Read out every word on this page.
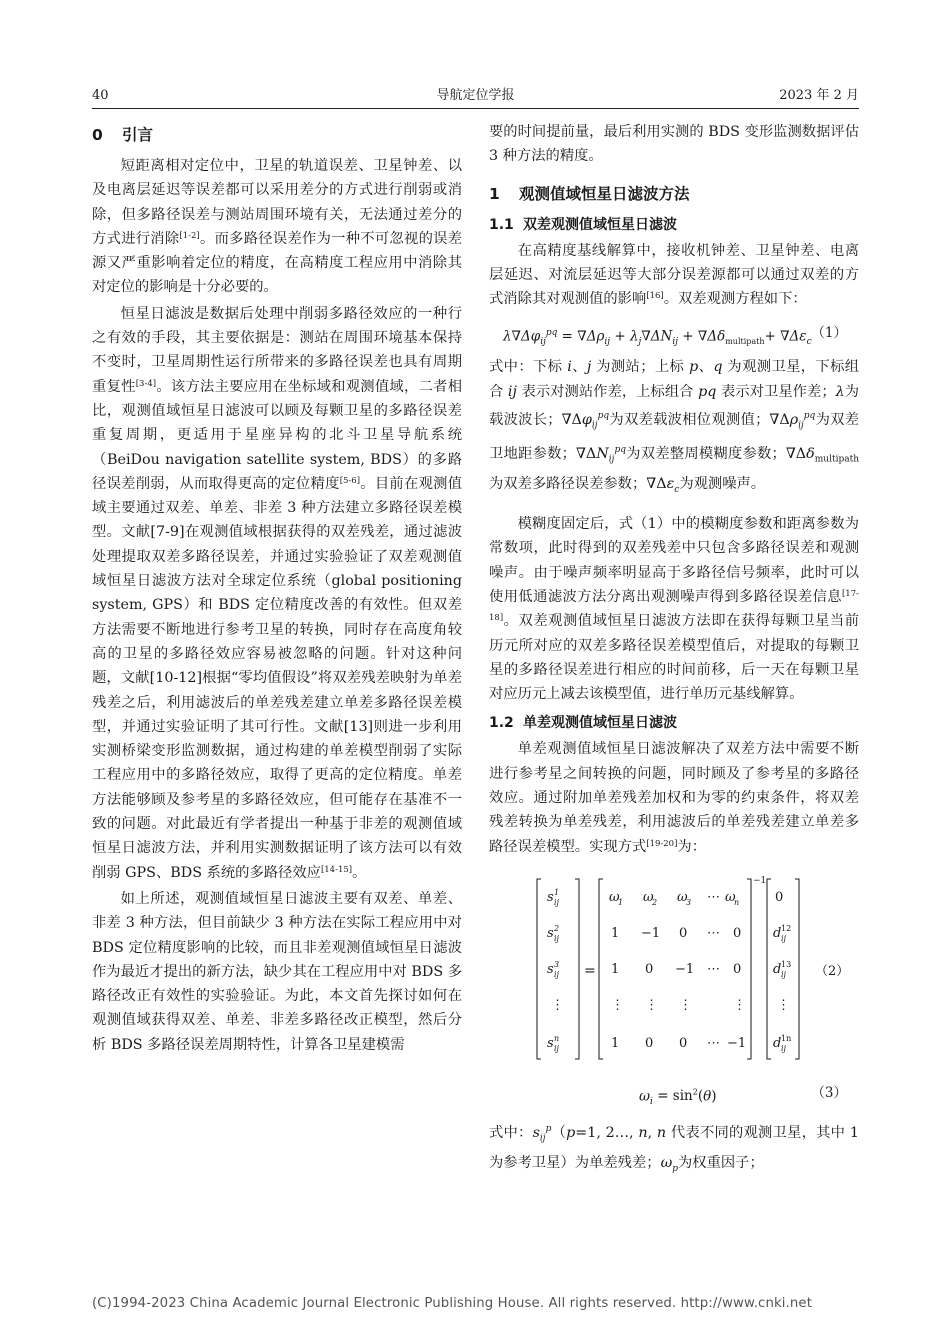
40	导航定位学报	2023 年 2 月
0 引言

短距离相对定位中，卫星的轨道误差、卫星钟差、以及电离层延迟等误差都可以采用差分的方式进行削弱或消除，但多路径误差与测站周围环境有关，无法通过差分的方式进行消除[1-2]。而多路径误差作为一种不可忽视的误差源又严重影响着定位的精度，在高精度工程应用中消除其对定位的影响是十分必要的。

恒星日滤波是数据后处理中削弱多路径效应的一种行之有效的手段，其主要依据是：测站在周围环境基本保持不变时，卫星周期性运行所带来的多路径误差也具有周期重复性[3-4]。该方法主要应用在坐标域和观测值域，二者相比，观测值域恒星日滤波可以顾及每颗卫星的多路径误差重复周期，更适用于星座异构的北斗卫星导航系统（BeiDou navigation satellite system, BDS）的多路径误差削弱，从而取得更高的定位精度[5-6]。目前在观测值域主要通过双差、单差、非差 3 种方法建立多路径误差模型。文献[7-9]在观测值域根据获得的双差残差，通过滤波处理提取双差多路径误差，并通过实验验证了双差观测值域恒星日滤波方法对全球定位系统（global positioning system, GPS）和 BDS 定位精度改善的有效性。但双差方法需要不断地进行参考卫星的转换，同时存在高度角较高的卫星的多路径效应容易被忽略的问题。针对这种问题，文献[10-12]根据“零均值假设”将双差残差映射为单差残差之后，利用滤波后的单差残差建立单差多路径误差模型，并通过实验证明了其可行性。文献[13]则进一步利用实测桥梁变形监测数据，通过构建的单差模型削弱了实际工程应用中的多路径效应，取得了更高的定位精度。单差方法能够顾及参考星的多路径效应，但可能存在基准不一致的问题。对此最近有学者提出一种基于非差的观测值域恒星日滤波方法，并利用实测数据证明了该方法可以有效削弱 GPS、BDS 系统的多路径效应[14-15]。

如上所述，观测值域恒星日滤波主要有双差、单差、非差 3 种方法，但目前缺少 3 种方法在实际工程应用中对 BDS 定位精度影响的比较，而且非差观测值域恒星日滤波作为最近才提出的新方法，缺少其在工程应用中对 BDS 多路径改正有效性的实验验证。为此，本文首先探讨如何在观测值域获得双差、单差、非差多路径改正模型，然后分析 BDS 多路径误差周期特性，计算各卫星建模需

要的时间提前量，最后利用实测的 BDS 变形监测数据评估 3 种方法的精度。

1 观测值域恒星日滤波方法
1.1 双差观测值域恒星日滤波

在高精度基线解算中，接收机钟差、卫星钟差、电离层延迟、对流层延迟等大部分误差源都可以通过双差的方式消除其对观测值的影响[16]。双差观测方程如下：

$\lambda\nabla\Delta\varphi_{ij}^{pq} = \nabla\Delta\rho_{ij} + \lambda_j\nabla\Delta N_{ij} + \nabla\Delta\delta_{multipath}+ \nabla\Delta\varepsilon_c$
（1）

式中：下标 i、j 为测站；上标 p、q 为观测卫星，下标组合 ij 表示对测站作差，上标组合 pq 表示对卫星作差；λ为载波波长；$\nabla\Delta\varphi_{ij}^{pq}$为双差载波相位观测值；$\nabla\Delta\rho_{ij}^{pq}$为双差卫地距参数；$\nabla\Delta N_{ij}^{pq}$为双差整周模糊度参数；$\nabla\Delta\delta_{multipath}$ 为双差多路径误差参数；$\nabla\Delta\varepsilon_c$为观测噪声。

模糊度固定后，式（1）中的模糊度参数和距离参数为常数项，此时得到的双差残差中只包含多路径误差和观测噪声。由于噪声频率明显高于多路径信号频率，此时可以使用低通滤波方法分离出观测噪声得到多路径误差信息[17-18]。双差观测值域恒星日滤波方法即在获得每颗卫星当前历元所对应的双差多路径误差模型值后，对提取的每颗卫星的多路径误差进行相应的时间前移，后一天在每颗卫星对应历元上减去该模型值，进行单历元基线解算。

1.2 单差观测值域恒星日滤波

单差观测值域恒星日滤波解决了双差方法中需要不断进行参考星之间转换的问题，同时顾及了参考星的多路径效应。通过附加单差残差加权和为零的约束条件，将双差残差转换为单差残差，利用滤波后的单差残差建立单差多路径误差模型。实现方式[19-20]为：

s 1
ij
s 2
ij
s 3
ij
⋮
s n
ij
=
−1
ω
1 ω
2 ω
3 ⋯ ω
n
1 −1 0 ⋯ 0
1 0 −1 ⋯ 0
⋮ ⋮ ⋮	⋮
1 0 0 ⋯ −1
0
d 12
ij
d 13
ij
⋮
d 1n
ij
（2）
$\omega_i = \sin^2(\theta)$	（3）

式中：$s_{ij}^p(p=1$, 2…, n, n 代表不同的观测卫星，其中 1 为参考卫星）为单差残差；$\omega_p$为权重因子；

(C)1994-2023 China Academic Journal Electronic Publishing House. All rights reserved. http://www.cnki.net
